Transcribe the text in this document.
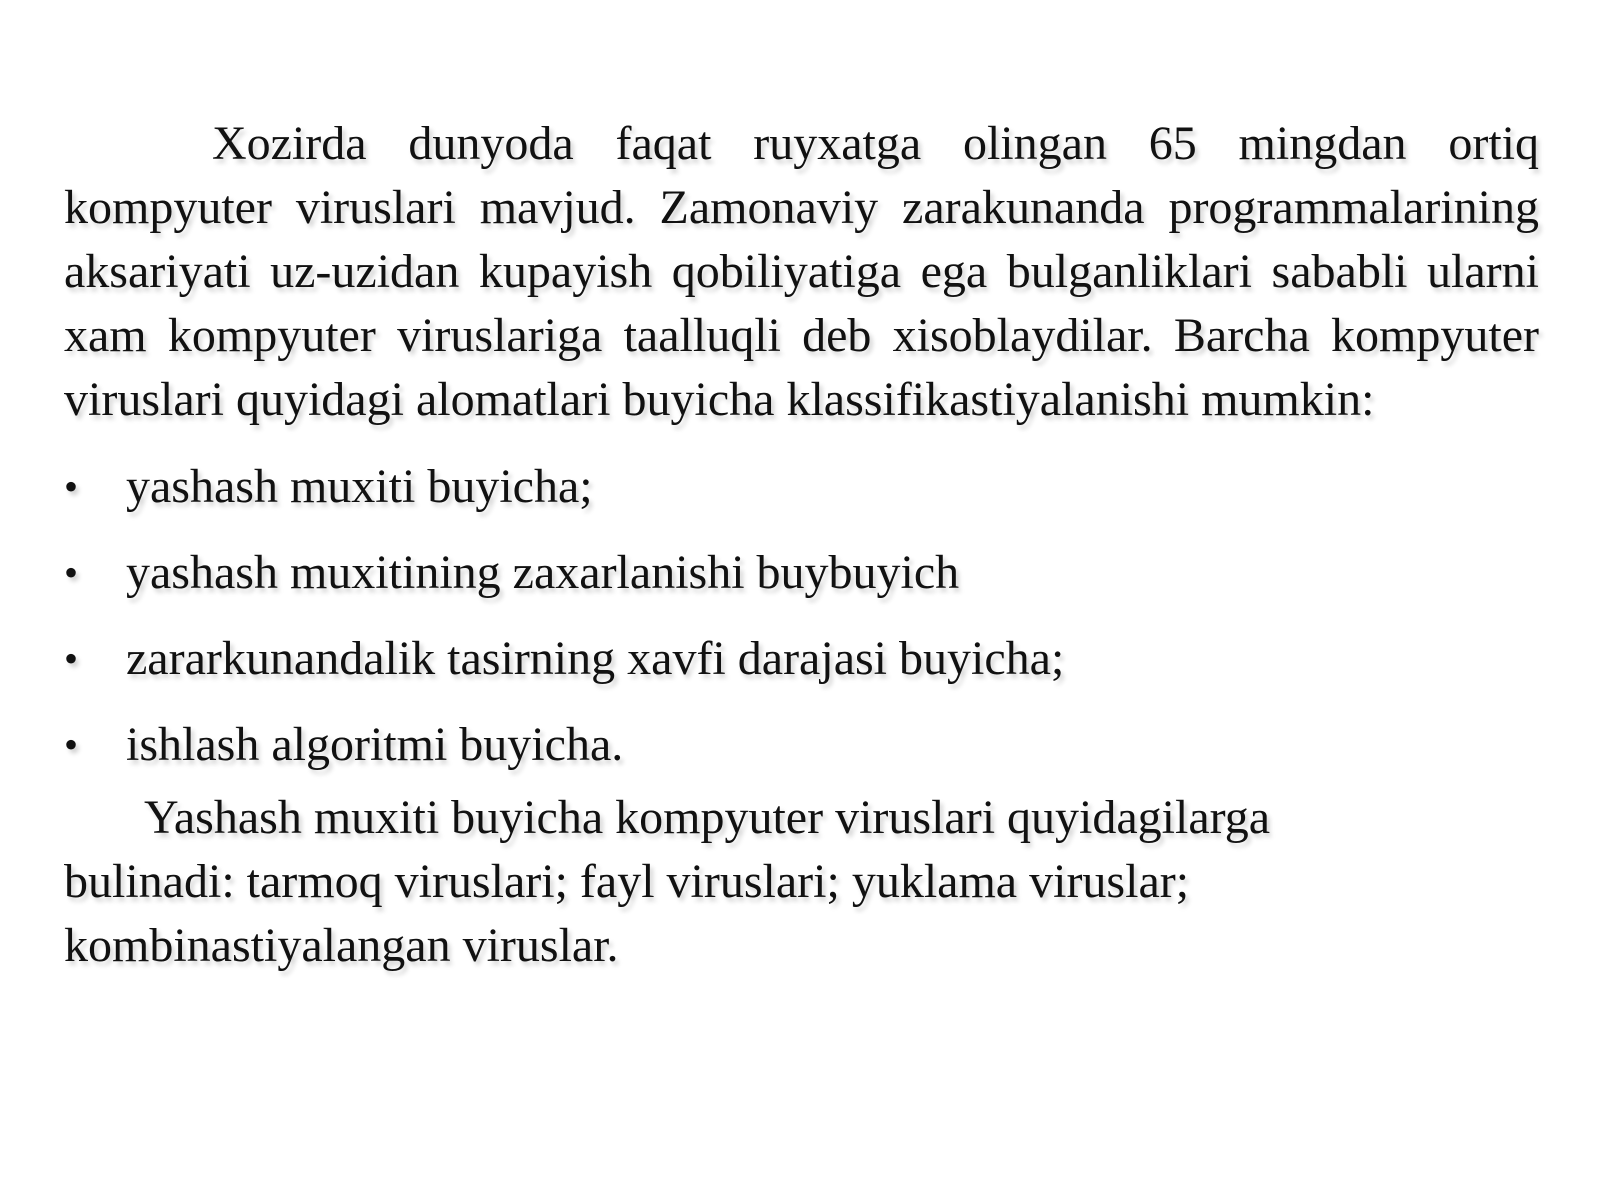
Xozirda dunyoda faqat ruyxatga olingan 65 mingdan ortiq kompyuter viruslari mavjud. Zamonaviy zarakunanda programmalarining aksariyati uz-uzidan kupayish qobiliyatiga ega bulganliklari sababli ularni xam kompyuter viruslariga taalluqli deb xisoblaydilar. Barcha kompyuter viruslari quyidagi alomatlari buyicha klassifikastiyalanishi mumkin:

• yashash muxiti buyicha;
• yashash muxitining zaxarlanishi buybuyich
• zararkunandalik tasirning xavfi darajasi buyicha;
• ishlash algoritmi buyicha.

Yashash muxiti buyicha kompyuter viruslari quyidagilarga
bulinadi: tarmoq viruslari; fayl viruslari; yuklama viruslar;
kombinastiyalangan viruslar.
